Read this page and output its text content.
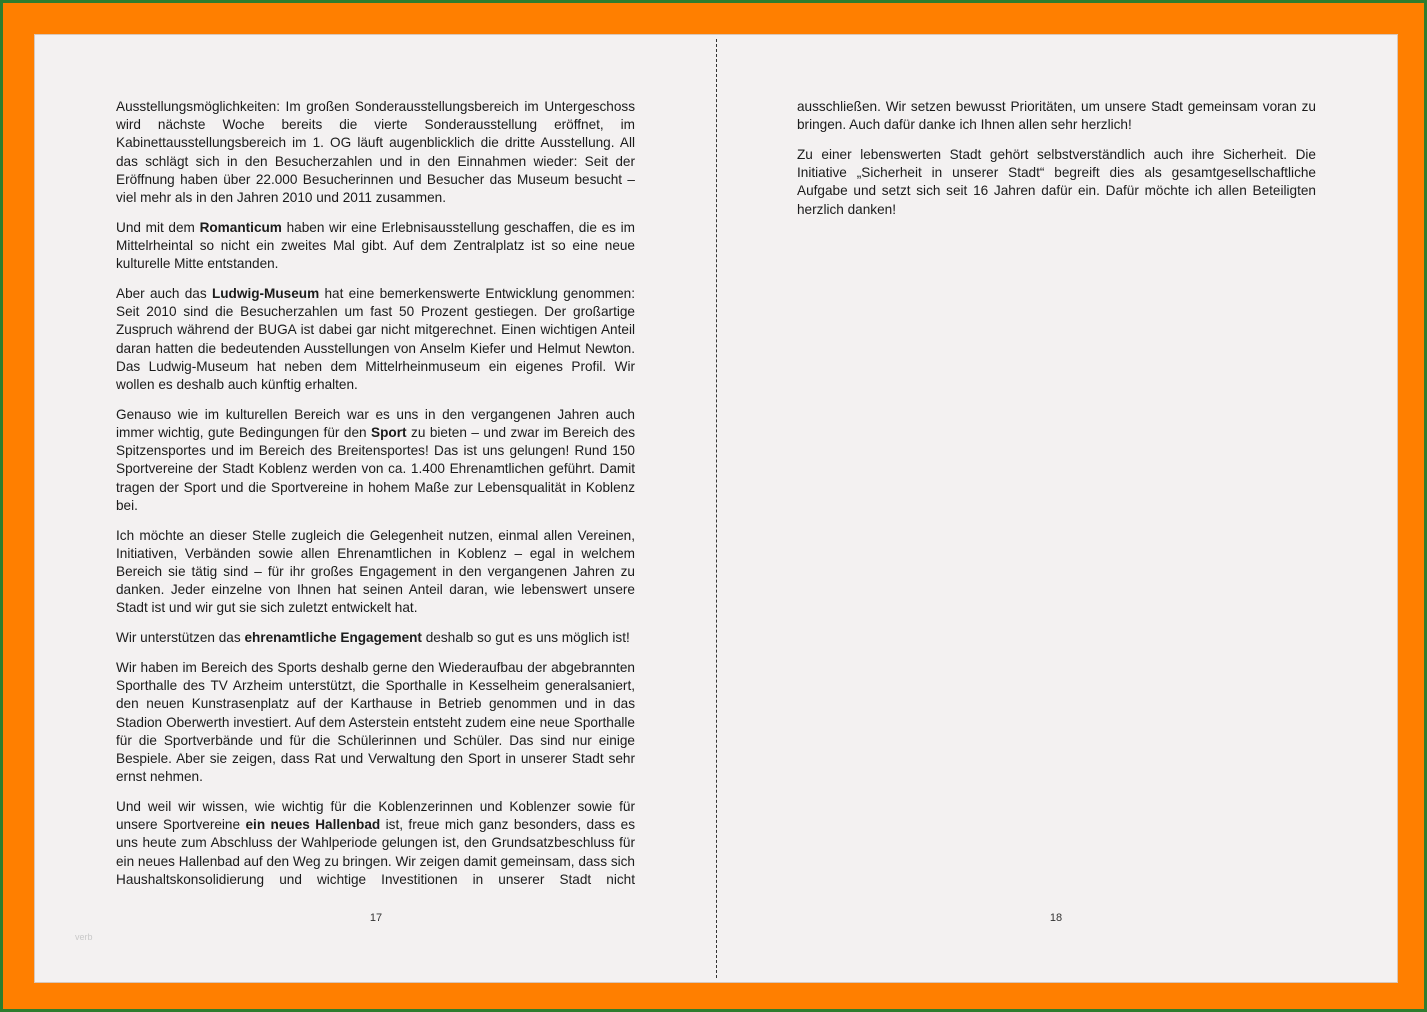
Ausstellungsmöglichkeiten: Im großen Sonderausstellungsbereich im Untergeschoss wird nächste Woche bereits die vierte Sonderausstellung eröffnet, im Kabinettausstellungsbereich im 1. OG läuft augenblicklich die dritte Ausstellung. All das schlägt sich in den Besucherzahlen und in den Einnahmen wieder: Seit der Eröffnung haben über 22.000 Besucherinnen und Besucher das Museum besucht – viel mehr als in den Jahren 2010 und 2011 zusammen.

Und mit dem Romanticum haben wir eine Erlebnisausstellung geschaffen, die es im Mittelrheintal so nicht ein zweites Mal gibt. Auf dem Zentralplatz ist so eine neue kulturelle Mitte entstanden.

Aber auch das Ludwig-Museum hat eine bemerkenswerte Entwicklung genommen: Seit 2010 sind die Besucherzahlen um fast 50 Prozent gestiegen. Der großartige Zuspruch während der BUGA ist dabei gar nicht mitgerechnet. Einen wichtigen Anteil daran hatten die bedeutenden Ausstellungen von Anselm Kiefer und Helmut Newton. Das Ludwig-Museum hat neben dem Mittelrheinmuseum ein eigenes Profil. Wir wollen es deshalb auch künftig erhalten.

Genauso wie im kulturellen Bereich war es uns in den vergangenen Jahren auch immer wichtig, gute Bedingungen für den Sport zu bieten – und zwar im Bereich des Spitzensportes und im Bereich des Breitensportes! Das ist uns gelungen! Rund 150 Sportvereine der Stadt Koblenz werden von ca. 1.400 Ehrenamtlichen geführt. Damit tragen der Sport und die Sportvereine in hohem Maße zur Lebensqualität in Koblenz bei.

Ich möchte an dieser Stelle zugleich die Gelegenheit nutzen, einmal allen Vereinen, Initiativen, Verbänden sowie allen Ehrenamtlichen in Koblenz – egal in welchem Bereich sie tätig sind – für ihr großes Engagement in den vergangenen Jahren zu danken. Jeder einzelne von Ihnen hat seinen Anteil daran, wie lebenswert unsere Stadt ist und wir gut sie sich zuletzt entwickelt hat.

Wir unterstützen das ehrenamtliche Engagement deshalb so gut es uns möglich ist!

Wir haben im Bereich des Sports deshalb gerne den Wiederaufbau der abgebrannten Sporthalle des TV Arzheim unterstützt, die Sporthalle in Kesselheim generalsaniert, den neuen Kunstrasenplatz auf der Karthause in Betrieb genommen und in das Stadion Oberwerth investiert. Auf dem Asterstein entsteht zudem eine neue Sporthalle für die Sportverbände und für die Schülerinnen und Schüler. Das sind nur einige Bespiele. Aber sie zeigen, dass Rat und Verwaltung den Sport in unserer Stadt sehr ernst nehmen.

Und weil wir wissen, wie wichtig für die Koblenzerinnen und Koblenzer sowie für unsere Sportvereine ein neues Hallenbad ist, freue mich ganz besonders, dass es uns heute zum Abschluss der Wahlperiode gelungen ist, den Grundsatzbeschluss für ein neues Hallenbad auf den Weg zu bringen. Wir zeigen damit gemeinsam, dass sich Haushaltskonsolidierung und wichtige Investitionen in unserer Stadt nicht

17
verb

ausschließen. Wir setzen bewusst Prioritäten, um unsere Stadt gemeinsam voran zu bringen. Auch dafür danke ich Ihnen allen sehr herzlich!

Zu einer lebenswerten Stadt gehört selbstverständlich auch ihre Sicherheit. Die Initiative „Sicherheit in unserer Stadt“ begreift dies als gesamtgesellschaftliche Aufgabe und setzt sich seit 16 Jahren dafür ein. Dafür möchte ich allen Beteiligten herzlich danken!

18
